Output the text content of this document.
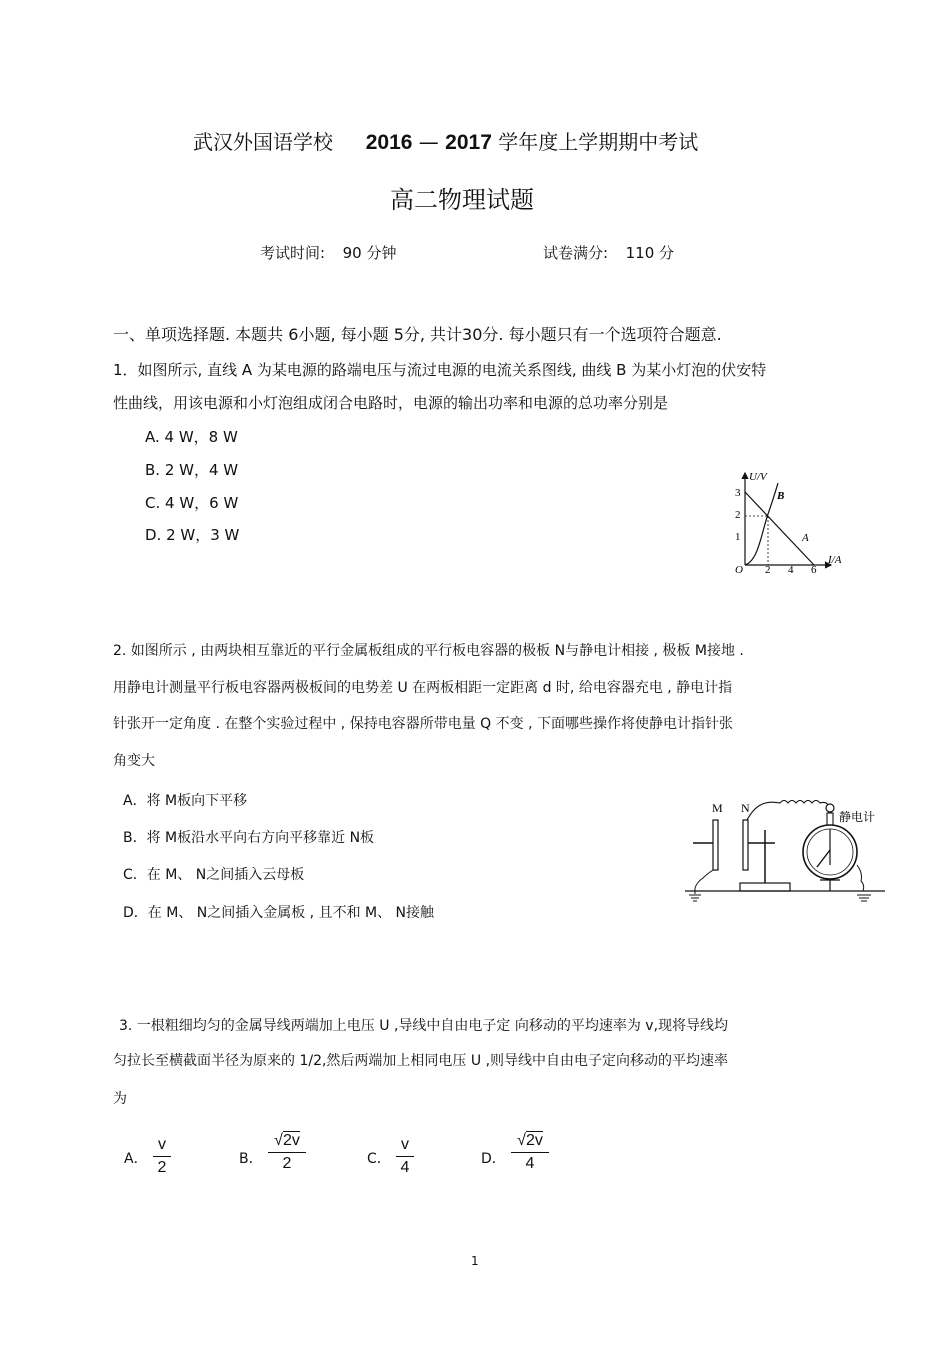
武汉外国语学校 2016 — 2017 学年度上学期期中考试
高二物理试题
考试时间: 90 分钟	试卷满分: 110 分
一、单项选择题. 本题共 6小题, 每小题 5分, 共计30分. 每小题只有一个选项符合题意.
1．如图所示, 直线 A 为某电源的路端电压与流过电源的电流关系图线, 曲线 B 为某小灯泡的伏安特
性曲线，用该电源和小灯泡组成闭合电路时，电源的输出功率和电源的总功率分别是
A. 4 W，8 W
B. 2 W，4 W
C. 4 W，6 W
D. 2 W，3 W
U/V
I/A
O
1
2
3
2 4 6
B
A
2. 如图所示 , 由两块相互靠近的平行金属板组成的平行板电容器的极板 N与静电计相接 , 极板 M接地 .
用静电计测量平行板电容器两极板间的电势差 U 在两板相距一定距离 d 时, 给电容器充电 , 静电计指
针张开一定角度 . 在整个实验过程中 , 保持电容器所带电量 Q 不变 , 下面哪些操作将使静电计指针张
角变大
A．将 M板向下平移
B．将 M板沿水平向右方向平移靠近 N板
C．在 M、 N之间插入云母板
D．在 M、 N之间插入金属板 , 且不和 M、 N接触
M N
静电计
3. 一根粗细均匀的金属导线两端加上电压 U ,导线中自由电子定 向移动的平均速率为 v,现将导线均
匀拉长至横截面半径为原来的 1/2,然后两端加上相同电压 U ,则导线中自由电子定向移动的平均速率
为
A．
v
2	B．
√2v
2	C．
v
4	D．
√2v
4
1
